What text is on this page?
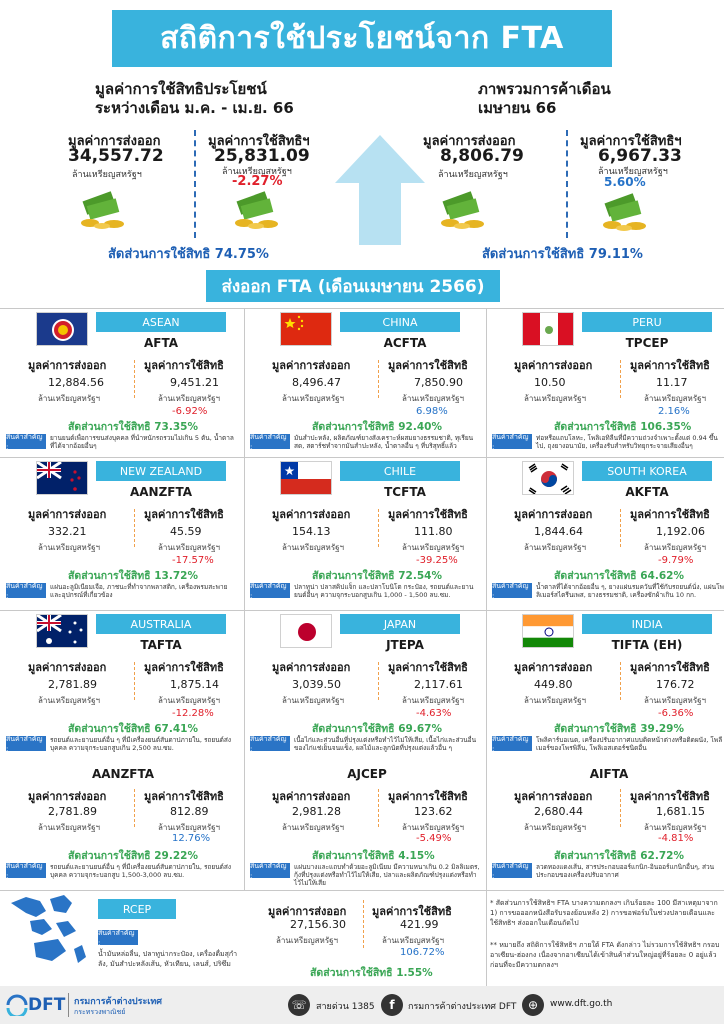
สถิติการใช้ประโยชน์จาก FTA
มูลค่าการใช้สิทธิประโยชน์
ระหว่างเดือน ม.ค. - เม.ย. 66
มูลค่าการส่งออก
34,557.72
ล้านเหรียญสหรัฐฯ
มูลค่าการใช้สิทธิฯ
25,831.09
ล้านเหรียญสหรัฐฯ
-2.27%
สัดส่วนการใช้สิทธิ 74.75%
ภาพรวมการค้าเดือน
เมษายน 66
มูลค่าการส่งออก
8,806.79
ล้านเหรียญสหรัฐฯ
มูลค่าการใช้สิทธิฯ
6,967.33
ล้านเหรียญสหรัฐฯ
5.60%
สัดส่วนการใช้สิทธิ 79.11%
ส่งออก FTA (เดือนเมษายน 2566)
ASEAN
AFTA
มูลค่าการส่งออก
12,884.56
ล้านเหรียญสหรัฐฯ
มูลค่าการใช้สิทธิ
9,451.21
ล้านเหรียญสหรัฐฯ
-6.92%
สัดส่วนการใช้สิทธิ 73.35%
สินค้าสำคัญ :
ยานยนต์เพื่อการขนส่งบุคคล ที่นำหนักรถรวมไม่เกิน 5 ตัน, น้ำตาลที่ได้จากอ้อยอื่นๆ
CHINA
ACFTA
มูลค่าการส่งออก
8,496.47
ล้านเหรียญสหรัฐฯ
มูลค่าการใช้สิทธิ
7,850.90
ล้านเหรียญสหรัฐฯ
6.98%
สัดส่วนการใช้สิทธิ 92.40%
สินค้าสำคัญ :
มันสำปะหลัง, ผลิตภัณฑ์ยางสังเคราะห์ผสมยางธรรมชาติ, ทุเรียนสด, สตาร์ชทำจากมันสำปะหลัง, น้ำตาลอื่น ๆ ที่บริสุทธิ์แล้ว
PERU
TPCEP
มูลค่าการส่งออก
10.50
ล้านเหรียญสหรัฐฯ
มูลค่าการใช้สิทธิ
11.17
ล้านเหรียญสหรัฐฯ
2.16%
สัดส่วนการใช้สิทธิ 106.35%
สินค้าสำคัญ :
ท่อหรือแถบโลหะ, โพลิเอทิลีนที่มีความถ่วงจำเพาะตั้งแต่ 0.94 ขึ้นไป, ถุงยางอนามัย, เครื่องรับสำหรับวิทยุกระจายเสียงอื่นๆ
NEW ZEALAND
AANZFTA
มูลค่าการส่งออก
332.21
ล้านเหรียญสหรัฐฯ
มูลค่าการใช้สิทธิ
45.59
ล้านเหรียญสหรัฐฯ
-17.57%
สัดส่วนการใช้สิทธิ 13.72%
สินค้าสำคัญ :
แผ่นอะลูมิเนียมเจือ, ภาชนะที่ทำจากพลาสติก, เครื่องพรมสะพายและอุปกรณ์ที่เกี่ยวข้อง
CHILE
TCFTA
มูลค่าการส่งออก
154.13
ล้านเหรียญสหรัฐฯ
มูลค่าการใช้สิทธิ
111.80
ล้านเหรียญสหรัฐฯ
-39.25%
สัดส่วนการใช้สิทธิ 72.54%
สินค้าสำคัญ :
ปลาทูน่า ปลาสคิปแจ็ก และปลาโบนิโต กระป๋อง, รถยนต์และยานยนต์อื่นๆ ความจุกระบอกสูบเกิน 1,000 - 1,500 ลบ.ซม.
SOUTH KOREA
AKFTA
มูลค่าการส่งออก
1,844.64
ล้านเหรียญสหรัฐฯ
มูลค่าการใช้สิทธิ
1,192.06
ล้านเหรียญสหรัฐฯ
-9.79%
สัดส่วนการใช้สิทธิ 64.62%
สินค้าสำคัญ :
น้ำตาลที่ได้จากอ้อยอื่น ๆ, ยางแผ่นรมควันที่ใช้กับรถยนต์นั่ง, แผ่นโพลิเมอร์สไตรีนเพส, ยางธรรมชาติ, เครื่องซักผ้าเกิน 10 กก.
AUSTRALIA
TAFTA
มูลค่าการส่งออก
2,781.89
ล้านเหรียญสหรัฐฯ
มูลค่าการใช้สิทธิ
1,875.14
ล้านเหรียญสหรัฐฯ
-12.28%
สัดส่วนการใช้สิทธิ 67.41%
สินค้าสำคัญ :
รถยนต์และยานยนต์อื่น ๆ ที่มีเครื่องยนต์สันดาปภายใน, รถยนต์ส่งบุคคล ความจุกระบอกสูบเกิน 2,500 ลบ.ซม.
JAPAN
JTEPA
มูลค่าการส่งออก
3,039.50
ล้านเหรียญสหรัฐฯ
มูลค่าการใช้สิทธิ
2,117.61
ล้านเหรียญสหรัฐฯ
-4.63%
สัดส่วนการใช้สิทธิ 69.67%
สินค้าสำคัญ :
เนื้อไก่และส่วนอื่นที่ปรุงแต่งหรือทำไว้ไม่ให้เสีย, เนื้อไก่และส่วนอื่นของไก่แช่เย็นจนแข็ง, ผลไม้และลูกนัตที่ปรุงแต่งแล้วอื่น ๆ
INDIA
TIFTA (EH)
มูลค่าการส่งออก
449.80
ล้านเหรียญสหรัฐฯ
มูลค่าการใช้สิทธิ
176.72
ล้านเหรียญสหรัฐฯ
-6.36%
สัดส่วนการใช้สิทธิ 39.29%
สินค้าสำคัญ :
โพลิคาร์บอเนต, เครื่องปรับอากาศแบบติดหน้าต่างหรือติดผนัง, โพลีเมอร์ของโพรพิลีน, โพลิเอสเตอร์ชนิดอื่น
AANZFTA
มูลค่าการส่งออก
2,781.89
ล้านเหรียญสหรัฐฯ
มูลค่าการใช้สิทธิ
812.89
ล้านเหรียญสหรัฐฯ
12.76%
สัดส่วนการใช้สิทธิ 29.22%
สินค้าสำคัญ :
รถยนต์และยานยนต์อื่น ๆ ที่มีเครื่องยนต์สันดาปภายใน, รถยนต์ส่งบุคคล ความจุกระบอกสูบ 1,500-3,000 ลบ.ซม.
AJCEP
มูลค่าการส่งออก
2,981.28
ล้านเหรียญสหรัฐฯ
มูลค่าการใช้สิทธิ
123.62
ล้านเหรียญสหรัฐฯ
-5.49%
สัดส่วนการใช้สิทธิ 4.15%
สินค้าสำคัญ :
แผ่นบางและแถบทำด้วยอะลูมิเนียม มีความหนาเกิน 0.2 มิลลิเมตร, กุ้งที่ปรุงแต่งหรือทำไว้ไม่ให้เสีย, ปลาและผลิตภัณฑ์ปรุงแต่งหรือทำไว้ไม่ให้เสีย
AIFTA
มูลค่าการส่งออก
2,680.44
ล้านเหรียญสหรัฐฯ
มูลค่าการใช้สิทธิ
1,681.15
ล้านเหรียญสหรัฐฯ
-4.81%
สัดส่วนการใช้สิทธิ 62.72%
สินค้าสำคัญ :
ลวดทองแดงเส้น, สารประกอบออร์แกนิก-อินออร์แกนิกอื่นๆ, ส่วนประกอบของเครื่องปรับอากาศ
RCEP
สินค้าสำคัญ :
น้ำมันหล่อลื่น, ปลาทูน่ากระป๋อง, เครื่องดื่มสุกำลัง, มันสำปะหลังเส้น, หัวเทียน, เลนส์, ปริซึม
มูลค่าการส่งออก
27,156.30
ล้านเหรียญสหรัฐฯ
มูลค่าการใช้สิทธิ
421.99
ล้านเหรียญสหรัฐฯ
106.72%
สัดส่วนการใช้สิทธิ 1.55%
* สัดส่วนการใช้สิทธิฯ FTA บางความตกลงฯ เกินร้อยละ 100 มีสาเหตุมาจาก 1) การขอออกหนังสือรับรองย้อนหลัง 2) การขอฟอร์มในช่วงปลายเดือนและใช้สิทธิฯ ส่งออกในเดือนถัดไป
** หมายถึง สถิติการใช้สิทธิฯ ภายใต้ FTA ดังกล่าว ไม่รวมการใช้สิทธิฯ กรอบอาเซียน-ฮ่องกง เนื่องจากอาเซียนได้เข้าสินค้าส่วนใหญ่อยู่ที่ร้อยละ 0 อยู่แล้วก่อนที่จะมีความตกลงฯ
DFT กรมการค้าต่างประเทศ
กระทรวงพาณิชย์	☏	สายด่วน 1385	f	กรมการค้าต่างประเทศ DFT ⊕	www.dft.go.th
